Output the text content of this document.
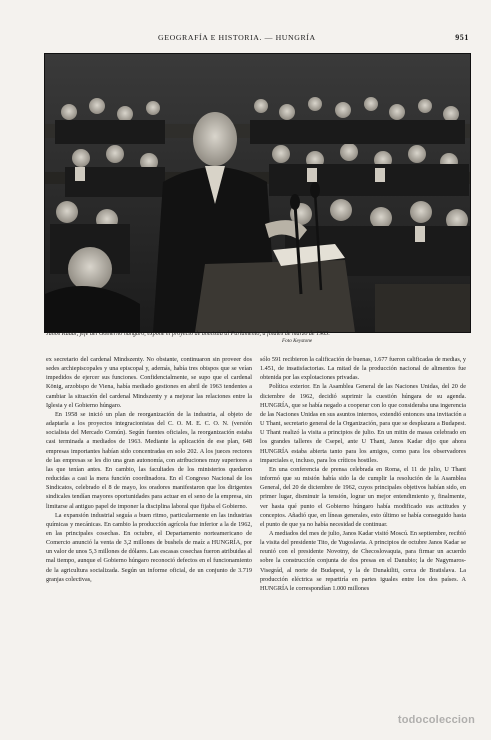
GEOGRAFÍA E HISTORIA. — HUNGRÍA	951
Janos Kadar, jefe del Gobierno húngaro, expone el proyecto de amnistía al Parlamento, a finales de marzo de 1963.
Foto Keystone

ex secretario del cardenal Mindszenty. No obstante, continuaron sin proveer dos sedes archiepiscopales y una episcopal y, además, había tres obispos que se veían impedidos de ejercer sus funciones. Confidencialmente, se supo que el cardenal König, arzobispo de Viena, había mediado gestiones en abril de 1963 tendentes a cambiar la situación del cardenal Mindszenty y a mejorar las relaciones entre la Iglesia y el Gobierno húngaro.

En 1958 se inició un plan de reorganización de la industria, al objeto de adaptarla a los proyectos integracionistas del C. O. M. E. C. O. N. (versión socialista del Mercado Común). Según fuentes oficiales, la reorganización estaba casi terminada a mediados de 1963. Mediante la aplicación de ese plan, 648 empresas importantes habían sido concentradas en solo 202. A los jueces rectores de las empresas se les dio una gran autonomía, con atribuciones muy superiores a las que tenían antes. En cambio, las facultades de los ministerios quedaron reducidas a casi la mera función coordinadora. En el Congreso Nacional de los Sindicatos, celebrado el 8 de mayo, los oradores manifestaron que los dirigentes sindicales tendían mayores oportunidades para actuar en el seno de la empresa, sin limitarse al antiguo papel de imponer la disciplina laboral que fijaba el Gobierno.

La expansión industrial seguía a buen ritmo, particularmente en las industrias químicas y mecánicas. En cambio la producción agrícola fue inferior a la de 1962, en las principales cosechas. En octubre, el Departamento norteamericano de Comercio anunció la venta de 3,2 millones de bushels de maíz a HUNGRÍA, por un valor de unos 5,3 millones de dólares. Las escasas cosechas fueron atribuidas al mal tiempo, aunque el Gobierno húngaro reconoció defectos en el funcionamiento de la agricultura socializada. Según un informe oficial, de un conjunto de 3.719 granjas colectivas,

sólo 591 recibieron la calificación de buenas, 1.677 fueron calificadas de medias, y 1.451, de insatisfactorias. La mitad de la producción nacional de alimentos fue obtenida por las explotaciones privadas.

Política exterior. En la Asamblea General de las Naciones Unidas, del 20 de diciembre de 1962, decidió suprimir la cuestión húngara de su agenda. HUNGRÍA, que se había negado a cooperar con lo que consideraba una ingerencia de las Naciones Unidas en sus asuntos internos, extendió entonces una invitación a U Thant, secretario general de la Organización, para que se desplazara a Budapest. U Thant realizó la visita a principios de julio. En un mitin de masas celebrado en los grandes talleres de Csepel, ante U Thant, Janos Kadar dijo que ahora HUNGRÍA estaba abierta tanto para los amigos, como para los observadores imparciales e, incluso, para los críticos hostiles.

En una conferencia de prensa celebrada en Roma, el 11 de julio, U Thant informó que su misión había sido la de cumplir la resolución de la Asamblea General, del 20 de diciembre de 1962, cuyos principales objetivos habían sido, en primer lugar, disminuir la tensión, lograr un mejor entendimiento y, finalmente, ver hasta qué punto el Gobierno húngaro había modificado sus actitudes y conceptos. Añadió que, en líneas generales, esto último se había conseguido hasta el punto de que ya no había necesidad de continuar.

A mediados del mes de julio, Janos Kadar visitó Moscú. En septiembre, recibió la visita del presidente Tito, de Yugoslavia. A principios de octubre Janos Kadar se reunió con el presidente Novotny, de Checoslovaquia, para firmar un acuerdo sobre la construcción conjunta de dos presas en el Danubio; la de Nagymaros-Visegrád, al norte de Budapest, y la de Dunakiliti, cerca de Bratislava. La producción eléctrica se repartiría en partes iguales entre los dos países. A HUNGRÍA le correspondían 1.000 millones

todocoleccion
